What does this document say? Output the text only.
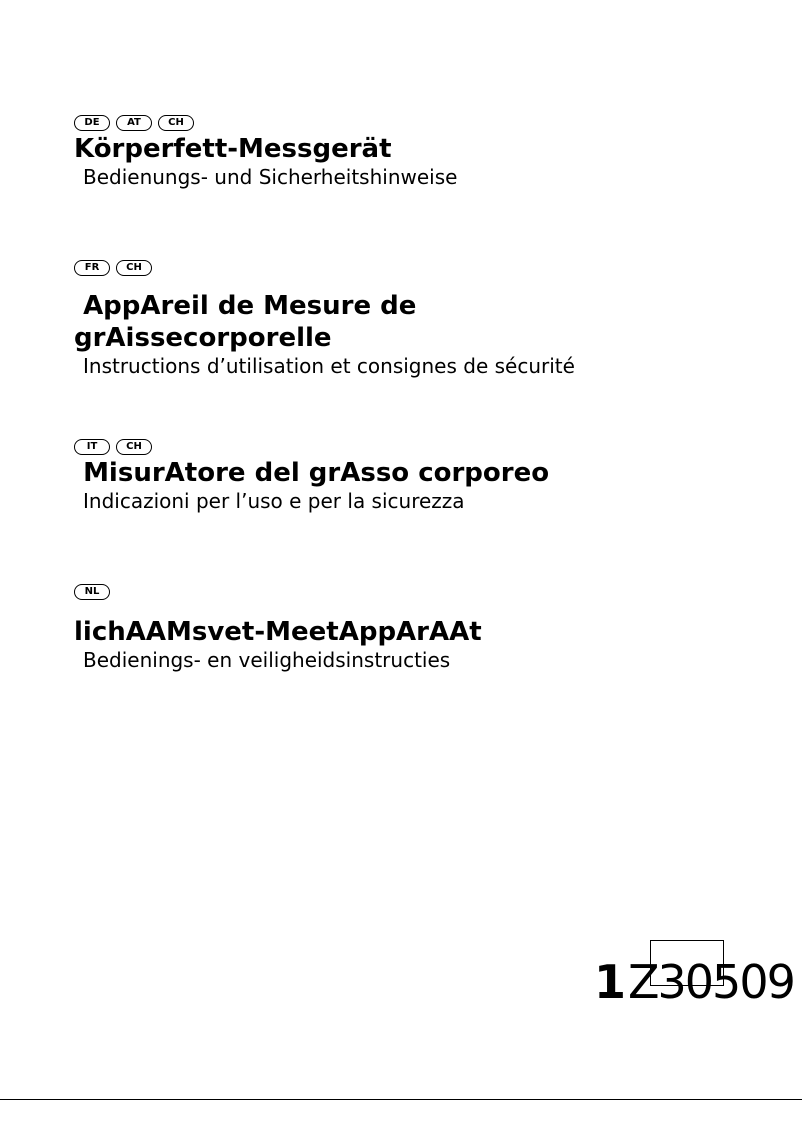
DE	AT	CH
Körperfett-Messgerät

Bedienungs- und Sicherheitshinweise

FR	CH
AppAreil de Mesure de
grAissecorporelle

Instructions d’utilisation et consignes de sécurité

IT	CH
MisurAtore del grAsso corporeo

Indicazioni per l’uso e per la sicurezza

NL
lichAAMsvet-MeetAppArAAt

Bedienings- en veiligheidsinstructies

1 Z30509
